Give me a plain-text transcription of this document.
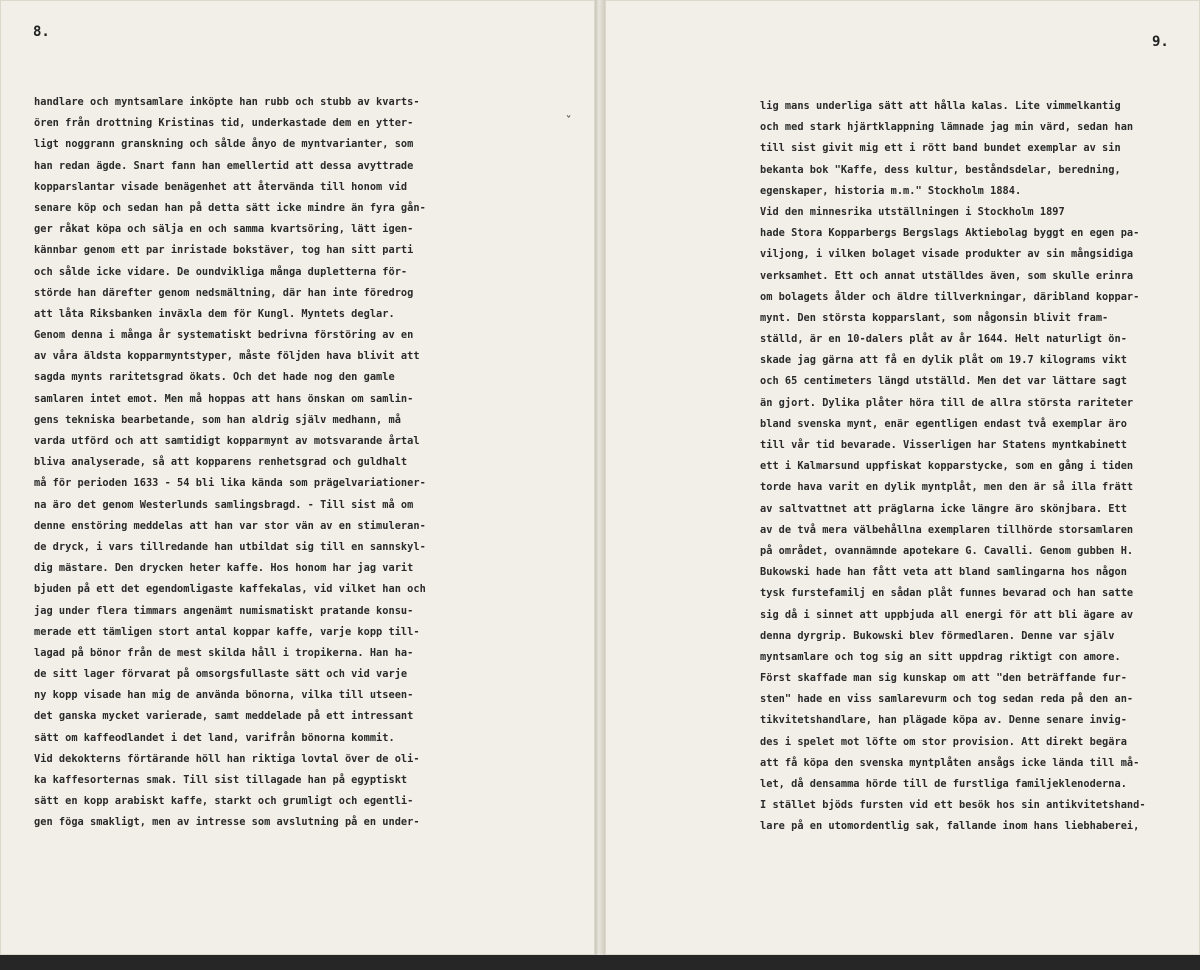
8.
9.
ˇ
handlare och myntsamlare inköpte han rubb och stubb av kvarts-
ören från drottning Kristinas tid, underkastade dem en ytter-
ligt noggrann granskning och sålde ånyo de myntvarianter, som
han redan ägde. Snart fann han emellertid att dessa avyttrade
kopparslantar visade benägenhet att återvända till honom vid
senare köp och sedan han på detta sätt icke mindre än fyra gån-
ger råkat köpa och sälja en och samma kvartsöring, lätt igen-
kännbar genom ett par inristade bokstäver, tog han sitt parti
och sålde icke vidare. De oundvikliga många dupletterna för-
störde han därefter genom nedsmältning, där han inte föredrog
att låta Riksbanken inväxla dem för Kungl. Myntets deglar.
Genom denna i många år systematiskt bedrivna förstöring av en
av våra äldsta kopparmyntstyper, måste följden hava blivit att
sagda mynts raritetsgrad ökats. Och det hade nog den gamle
samlaren intet emot. Men må hoppas att hans önskan om samlin-
gens tekniska bearbetande, som han aldrig själv medhann, må
varda utförd och att samtidigt kopparmynt av motsvarande årtal
bliva analyserade, så att kopparens renhetsgrad och guldhalt
må för perioden 1633 - 54 bli lika kända som prägelvariationer-
na äro det genom Westerlunds samlingsbragd. - Till sist må om
denne enstöring meddelas att han var stor vän av en stimuleran-
de dryck, i vars tillredande han utbildat sig till en sannskyl-
dig mästare. Den drycken heter kaffe. Hos honom har jag varit
bjuden på ett det egendomligaste kaffekalas, vid vilket han och
jag under flera timmars angenämt numismatiskt pratande konsu-
merade ett tämligen stort antal koppar kaffe, varje kopp till-
lagad på bönor från de mest skilda håll i tropikerna. Han ha-
de sitt lager förvarat på omsorgsfullaste sätt och vid varje
ny kopp visade han mig de använda bönorna, vilka till utseen-
det ganska mycket varierade, samt meddelade på ett intressant
sätt om kaffeodlandet i det land, varifrån bönorna kommit.
Vid dekokterns förtärande höll han riktiga lovtal över de oli-
ka kaffesorternas smak. Till sist tillagade han på egyptiskt
sätt en kopp arabiskt kaffe, starkt och grumligt och egentli-
gen föga smakligt, men av intresse som avslutning på en under-
lig mans underliga sätt att hålla kalas. Lite vimmelkantig
och med stark hjärtklappning lämnade jag min värd, sedan han
till sist givit mig ett i rött band bundet exemplar av sin
bekanta bok "Kaffe, dess kultur, beståndsdelar, beredning,
egenskaper, historia m.m." Stockholm 1884.
Vid den minnesrika utställningen i Stockholm 1897
hade Stora Kopparbergs Bergslags Aktiebolag byggt en egen pa-
viljong, i vilken bolaget visade produkter av sin mångsidiga
verksamhet. Ett och annat utställdes även, som skulle erinra
om bolagets ålder och äldre tillverkningar, däribland koppar-
mynt. Den största kopparslant, som någonsin blivit fram-
ställd, är en 10-dalers plåt av år 1644. Helt naturligt ön-
skade jag gärna att få en dylik plåt om 19.7 kilograms vikt
och 65 centimeters längd utställd. Men det var lättare sagt
än gjort. Dylika plåter höra till de allra största rariteter
bland svenska mynt, enär egentligen endast två exemplar äro
till vår tid bevarade. Visserligen har Statens myntkabinett
ett i Kalmarsund uppfiskat kopparstycke, som en gång i tiden
torde hava varit en dylik myntplåt, men den är så illa frätt
av saltvattnet att präglarna icke längre äro skönjbara. Ett
av de två mera välbehållna exemplaren tillhörde storsamlaren
på området, ovannämnde apotekare G. Cavalli. Genom gubben H.
Bukowski hade han fått veta att bland samlingarna hos någon
tysk furstefamilj en sådan plåt funnes bevarad och han satte
sig då i sinnet att uppbjuda all energi för att bli ägare av
denna dyrgrip. Bukowski blev förmedlaren. Denne var själv
myntsamlare och tog sig an sitt uppdrag riktigt con amore.
Först skaffade man sig kunskap om att "den beträffande fur-
sten" hade en viss samlarevurm och tog sedan reda på den an-
tikvitetshandlare, han plägade köpa av. Denne senare invig-
des i spelet mot löfte om stor provision. Att direkt begära
att få köpa den svenska myntplåten ansågs icke lända till må-
let, då densamma hörde till de furstliga familjeklenoderna.
I stället bjöds fursten vid ett besök hos sin antikvitetshand-
lare på en utomordentlig sak, fallande inom hans liebhaberei,
